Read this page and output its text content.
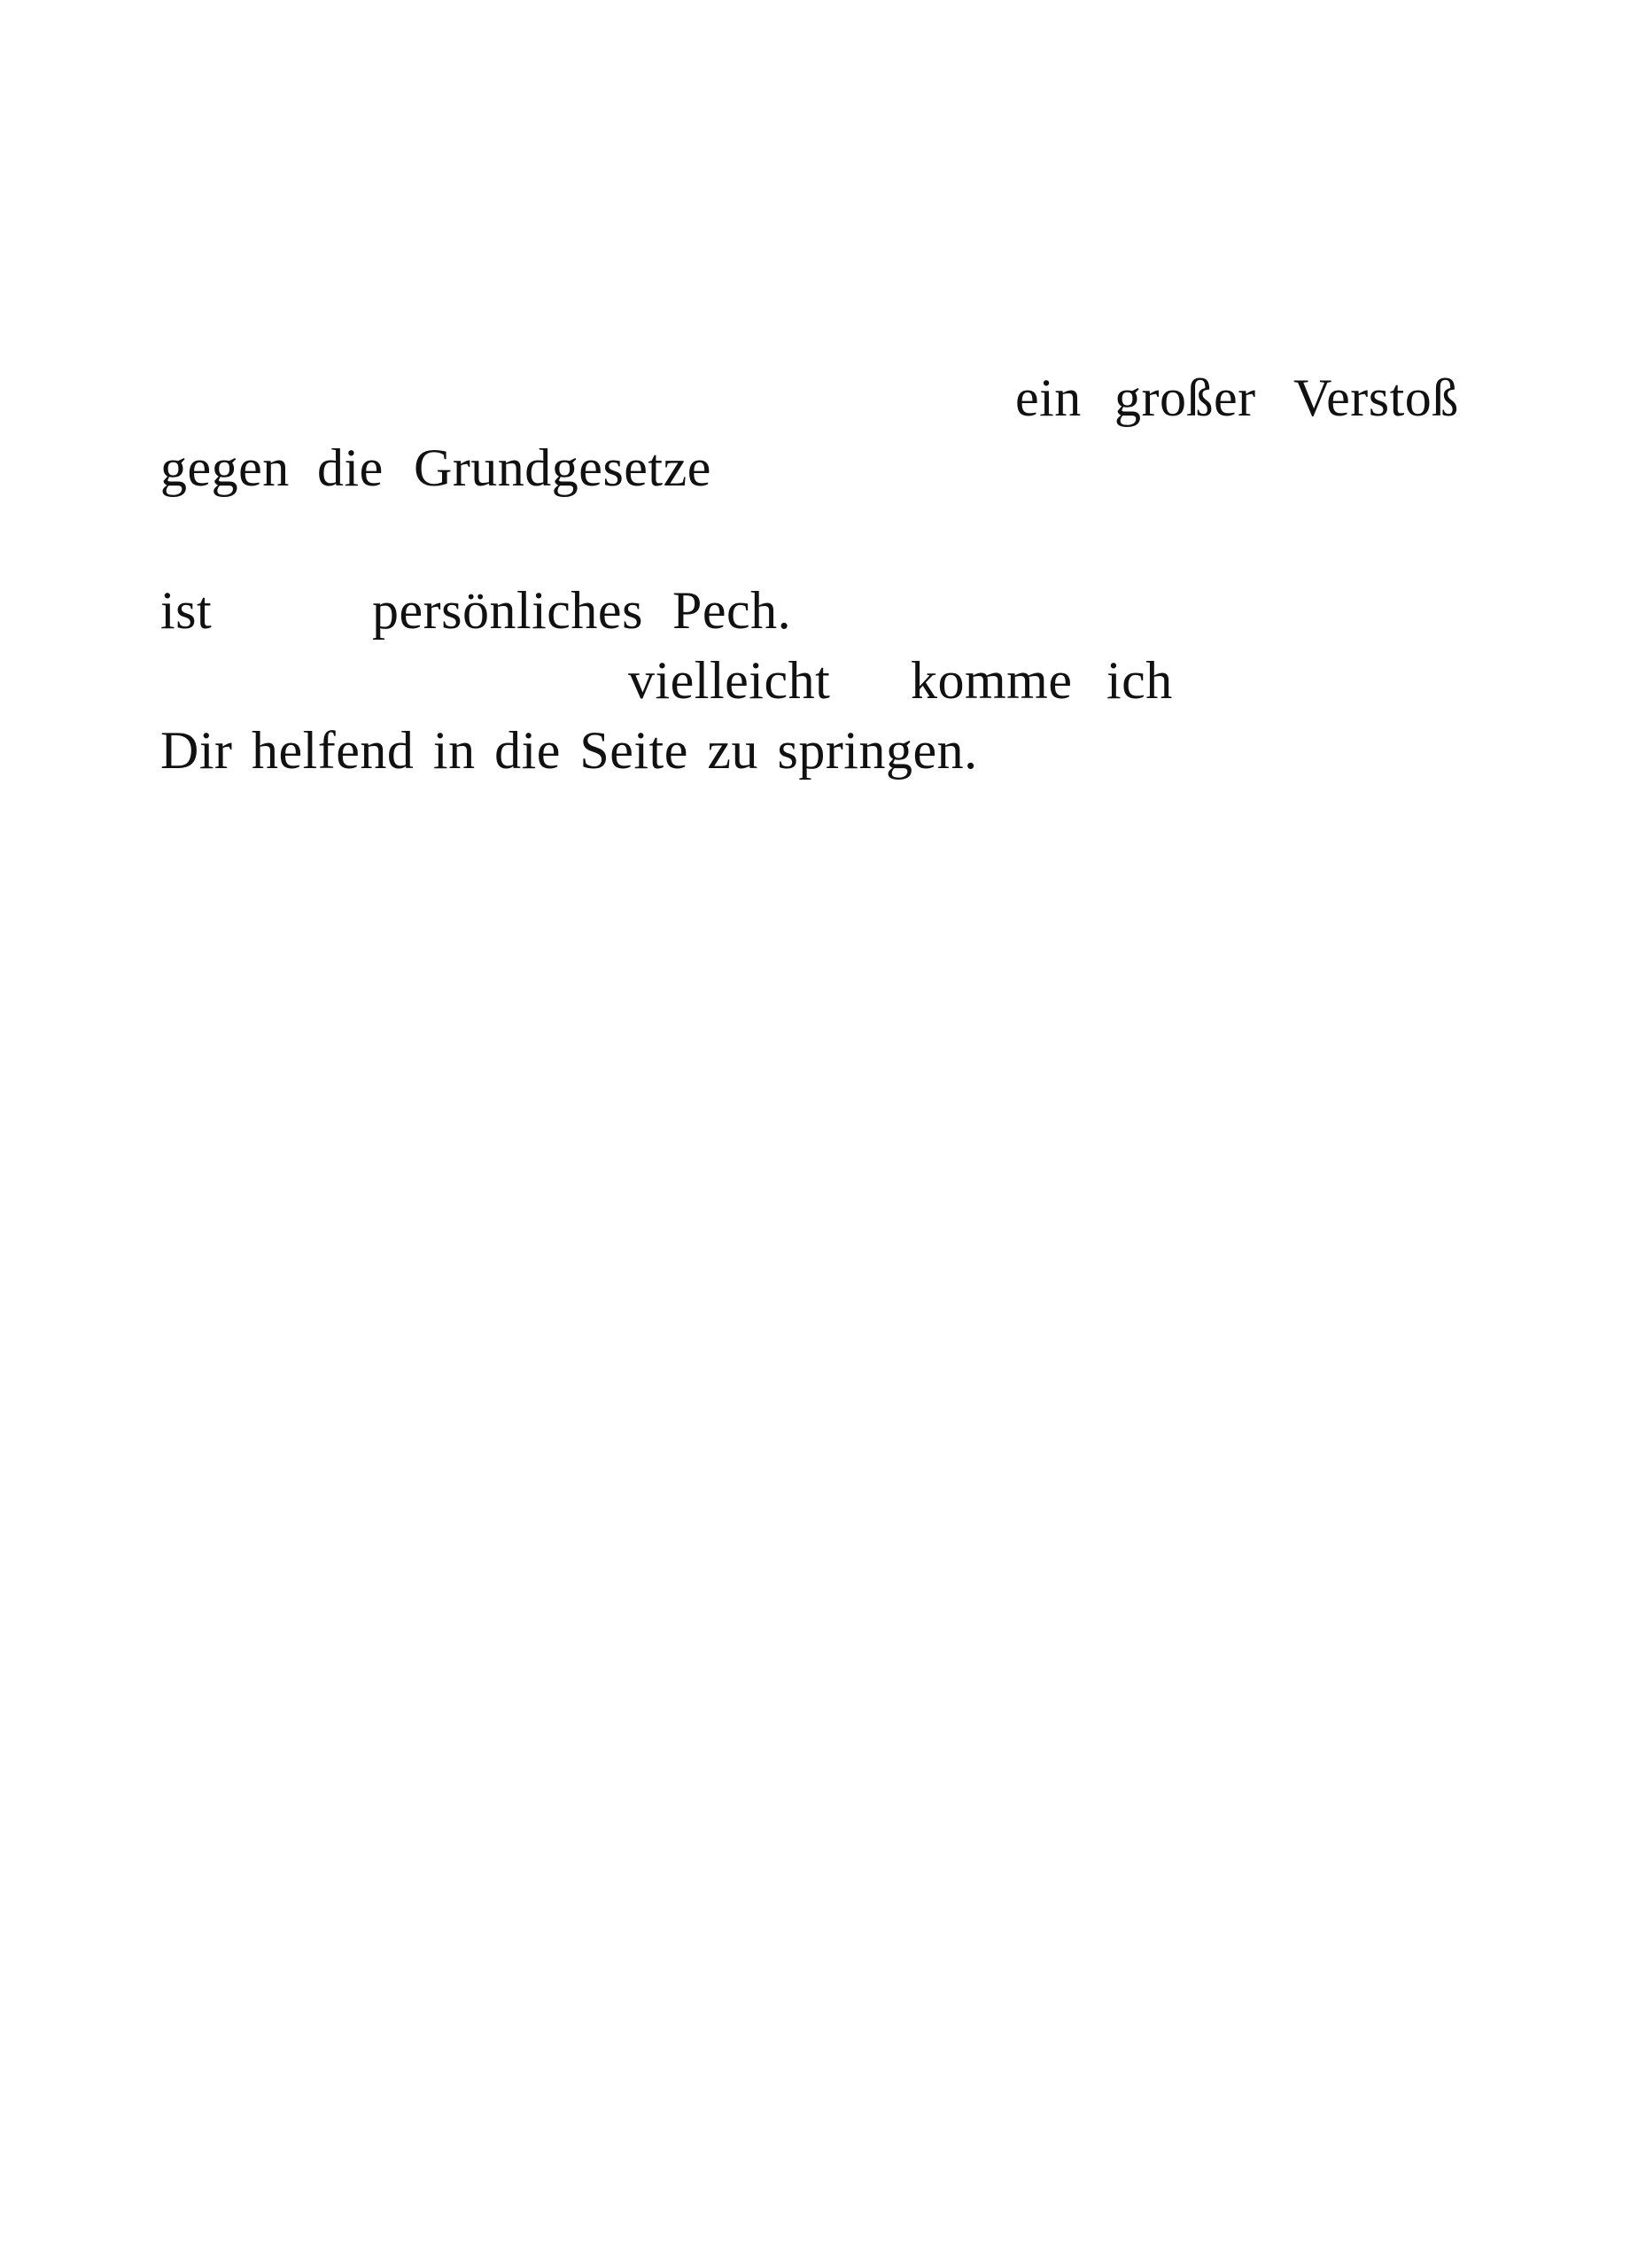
ein großer Verstoß
gegen die Grundgesetze
ist	persönliches Pech.
vielleicht komme ich
Dir helfend in die Seite zu springen.
